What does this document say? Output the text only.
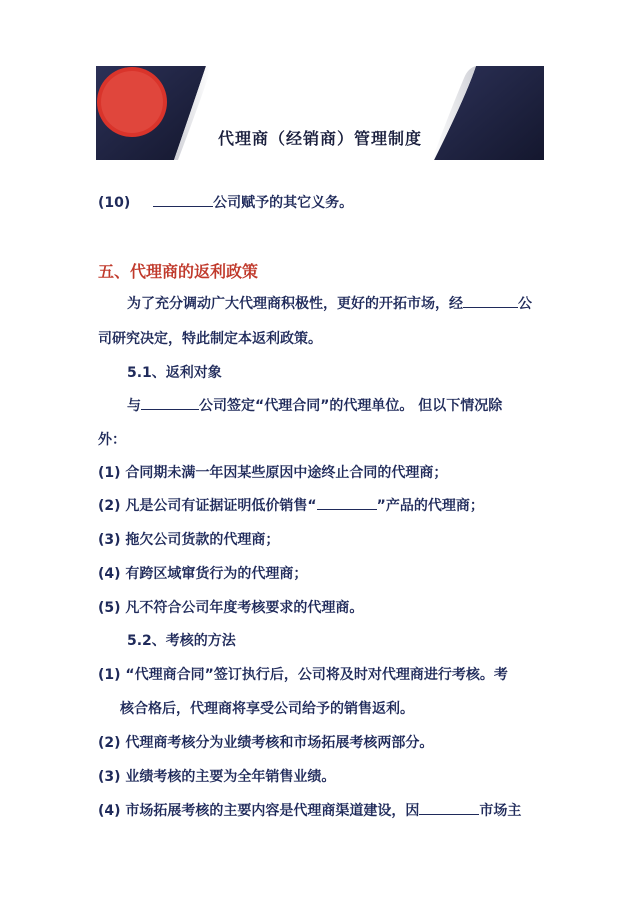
NEW
代理商（经销商）管理制度
(10)	公司赋予的其它义务。
五、代理商的返利政策
为了充分调动广大代理商积极性，更好的开拓市场，经	公
司研究决定，特此制定本返利政策。
5.1、返利对象
与	公司签定“代理合同”的代理单位。 但以下情况除
外：
(1) 合同期未满一年因某些原因中途终止合同的代理商；
(2) 凡是公司有证据证明低价销售“	”产品的代理商；
(3) 拖欠公司货款的代理商；
(4) 有跨区域窜货行为的代理商；
(5) 凡不符合公司年度考核要求的代理商。
5.2、考核的方法
(1) “代理商合同”签订执行后，公司将及时对代理商进行考核。考
核合格后，代理商将享受公司给予的销售返利。
(2) 代理商考核分为业绩考核和市场拓展考核两部分。
(3) 业绩考核的主要为全年销售业绩。
(4) 市场拓展考核的主要内容是代理商渠道建设，因	市场主
